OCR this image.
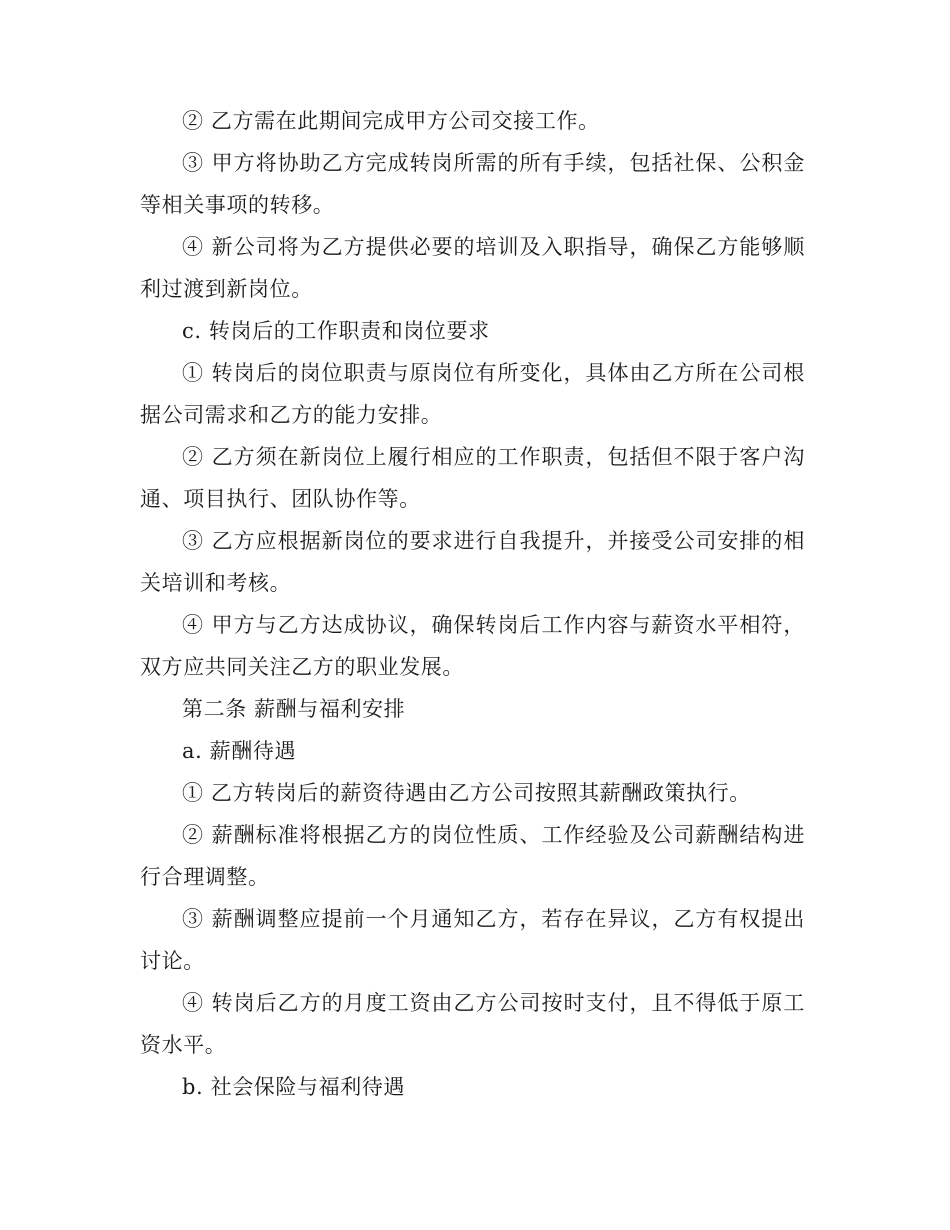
② 乙方需在此期间完成甲方公司交接工作。

③ 甲方将协助乙方完成转岗所需的所有手续，包括社保、公积金等相关事项的转移。

④ 新公司将为乙方提供必要的培训及入职指导，确保乙方能够顺利过渡到新岗位。

c. 转岗后的工作职责和岗位要求

① 转岗后的岗位职责与原岗位有所变化，具体由乙方所在公司根据公司需求和乙方的能力安排。

② 乙方须在新岗位上履行相应的工作职责，包括但不限于客户沟通、项目执行、团队协作等。

③ 乙方应根据新岗位的要求进行自我提升，并接受公司安排的相关培训和考核。

④ 甲方与乙方达成协议，确保转岗后工作内容与薪资水平相符，双方应共同关注乙方的职业发展。

第二条 薪酬与福利安排

a. 薪酬待遇

① 乙方转岗后的薪资待遇由乙方公司按照其薪酬政策执行。

② 薪酬标准将根据乙方的岗位性质、工作经验及公司薪酬结构进行合理调整。

③ 薪酬调整应提前一个月通知乙方，若存在异议，乙方有权提出讨论。

④ 转岗后乙方的月度工资由乙方公司按时支付，且不得低于原工资水平。

b. 社会保险与福利待遇
